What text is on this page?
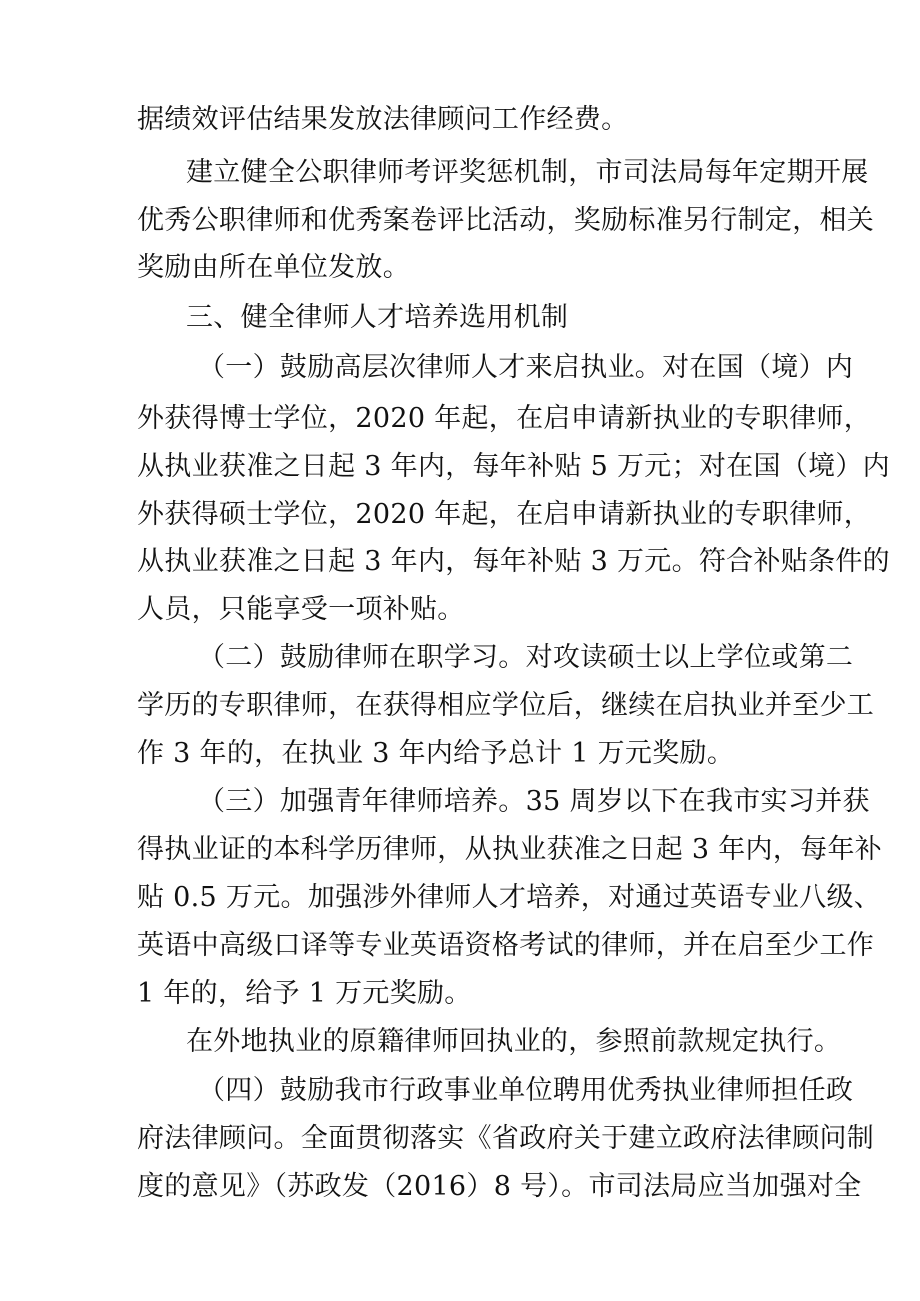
据绩效评估结果发放法律顾问工作经费。
建立健全公职律师考评奖惩机制，市司法局每年定期开展
优秀公职律师和优秀案卷评比活动，奖励标准另行制定，相关
奖励由所在单位发放。
三、健全律师人才培养选用机制
（一）鼓励高层次律师人才来启执业。对在国（境）内
外获得博士学位，2020 年起，在启申请新执业的专职律师，
从执业获准之日起 3 年内，每年补贴 5 万元；对在国（境）内
外获得硕士学位，2020 年起，在启申请新执业的专职律师，
从执业获准之日起 3 年内，每年补贴 3 万元。符合补贴条件的
人员，只能享受一项补贴。
（二）鼓励律师在职学习。对攻读硕士以上学位或第二
学历的专职律师，在获得相应学位后，继续在启执业并至少工
作 3 年的，在执业 3 年内给予总计 1 万元奖励。
（三）加强青年律师培养。35 周岁以下在我市实习并获
得执业证的本科学历律师，从执业获准之日起 3 年内，每年补
贴 0.5 万元。加强涉外律师人才培养，对通过英语专业八级、
英语中高级口译等专业英语资格考试的律师，并在启至少工作
1 年的，给予 1 万元奖励。
在外地执业的原籍律师回执业的，参照前款规定执行。
（四）鼓励我市行政事业单位聘用优秀执业律师担任政
府法律顾问。全面贯彻落实《省政府关于建立政府法律顾问制
度的意见》（苏政发（2016）8 号）。市司法局应当加强对全
